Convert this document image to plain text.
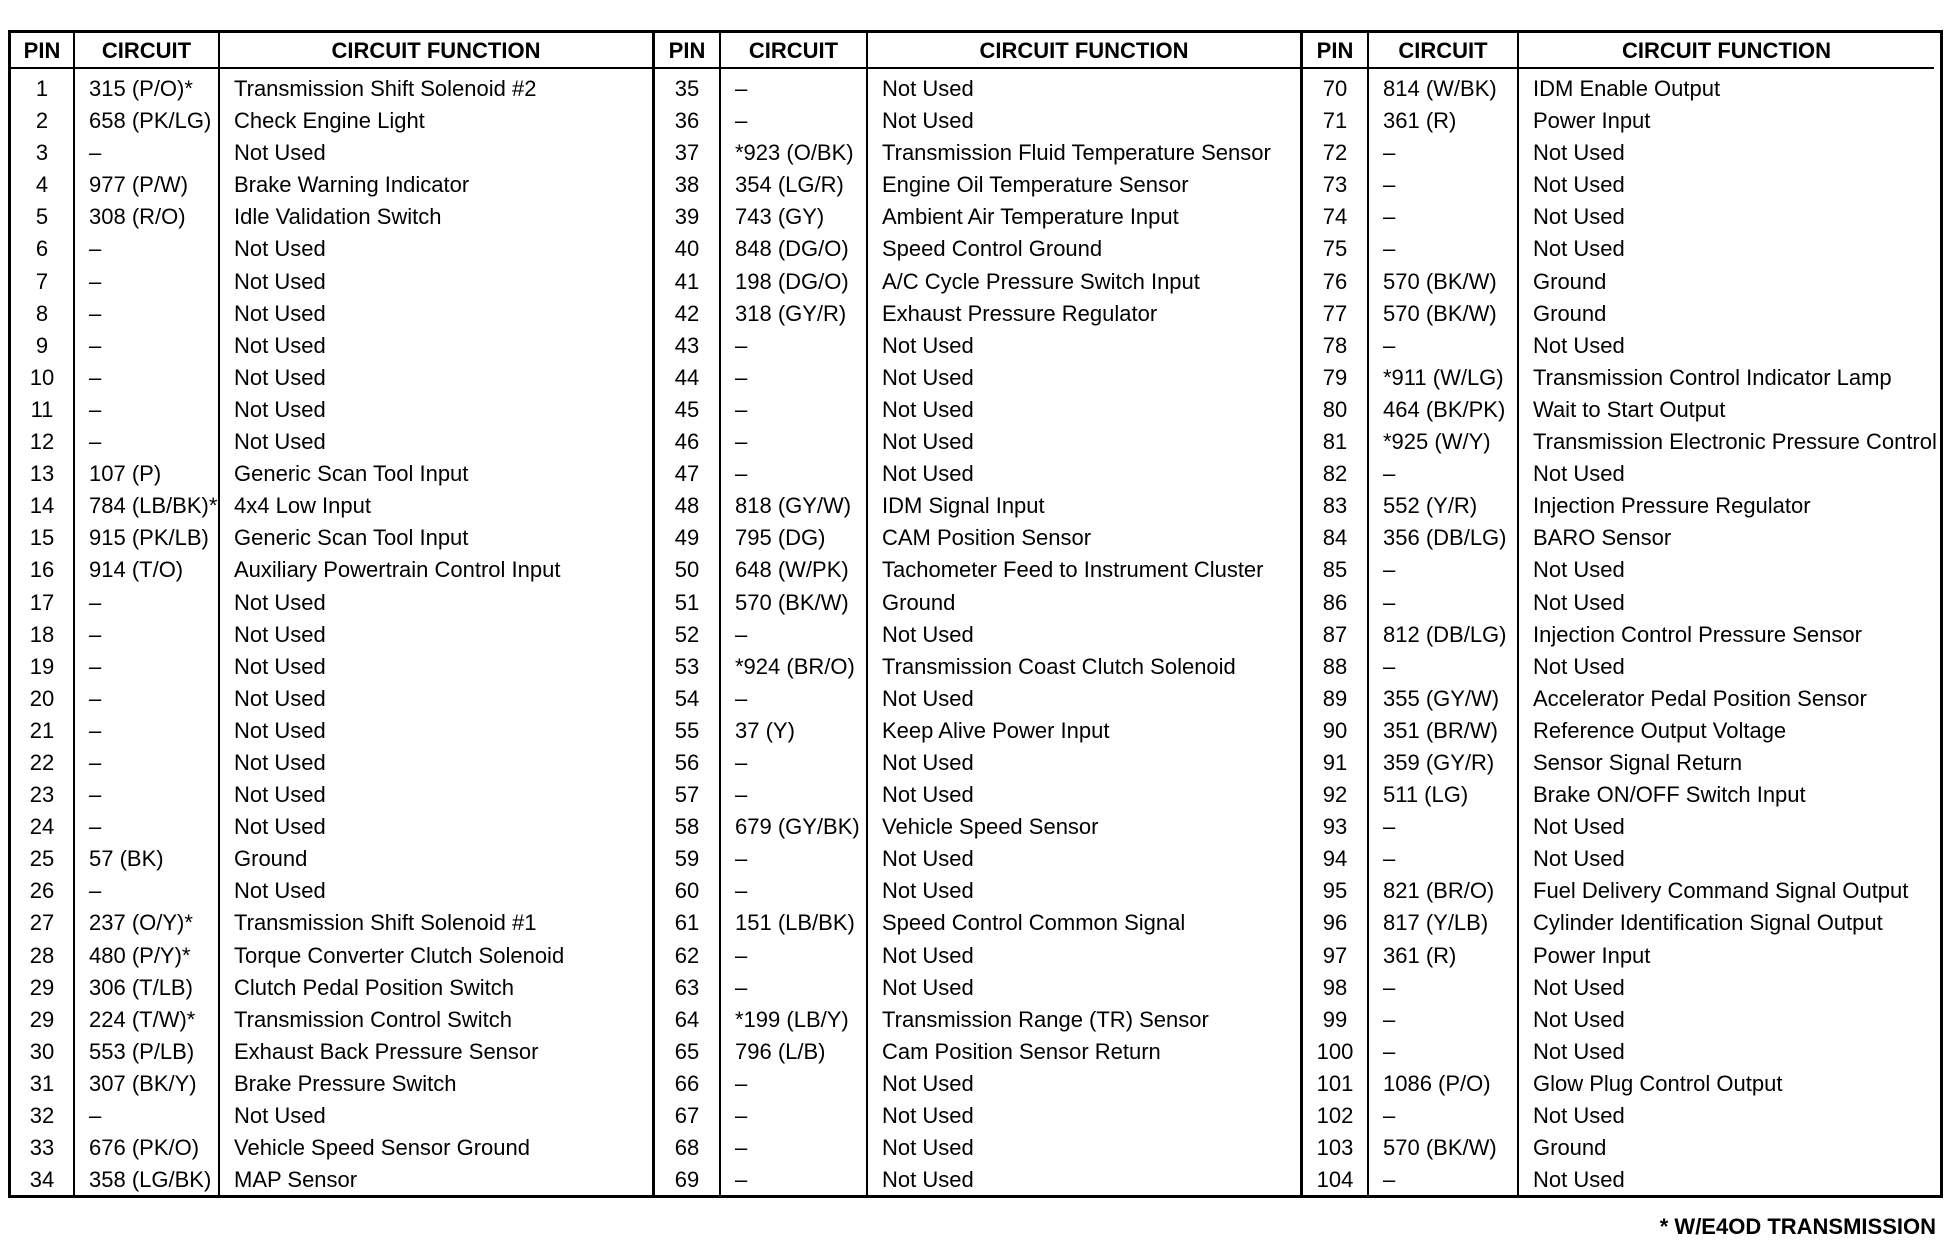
PIN
1
2
3
4
5
6
7
8
9
10
11
12
13
14
15
16
17
18
19
20
21
22
23
24
25
26
27
28
29
29
30
31
32
33
34
CIRCUIT
315 (P/O)*
658 (PK/LG)
–
977 (P/W)
308 (R/O)
–
–
–
–
–
–
–
107 (P)
784 (LB/BK)*
915 (PK/LB)
914 (T/O)
–
–
–
–
–
–
–
–
57 (BK)
–
237 (O/Y)*
480 (P/Y)*
306 (T/LB)
224 (T/W)*
553 (P/LB)
307 (BK/Y)
–
676 (PK/O)
358 (LG/BK)
CIRCUIT FUNCTION
Transmission Shift Solenoid #2
Check Engine Light
Not Used
Brake Warning Indicator
Idle Validation Switch
Not Used
Not Used
Not Used
Not Used
Not Used
Not Used
Not Used
Generic Scan Tool Input
4x4 Low Input
Generic Scan Tool Input
Auxiliary Powertrain Control Input
Not Used
Not Used
Not Used
Not Used
Not Used
Not Used
Not Used
Not Used
Ground
Not Used
Transmission Shift Solenoid #1
Torque Converter Clutch Solenoid
Clutch Pedal Position Switch
Transmission Control Switch
Exhaust Back Pressure Sensor
Brake Pressure Switch
Not Used
Vehicle Speed Sensor Ground
MAP Sensor
PIN
35
36
37
38
39
40
41
42
43
44
45
46
47
48
49
50
51
52
53
54
55
56
57
58
59
60
61
62
63
64
65
66
67
68
69
CIRCUIT
–
–
*923 (O/BK)
354 (LG/R)
743 (GY)
848 (DG/O)
198 (DG/O)
318 (GY/R)
–
–
–
–
–
818 (GY/W)
795 (DG)
648 (W/PK)
570 (BK/W)
–
*924 (BR/O)
–
37 (Y)
–
–
679 (GY/BK)
–
–
151 (LB/BK)
–
–
*199 (LB/Y)
796 (L/B)
–
–
–
–
CIRCUIT FUNCTION
Not Used
Not Used
Transmission Fluid Temperature Sensor
Engine Oil Temperature Sensor
Ambient Air Temperature Input
Speed Control Ground
A/C Cycle Pressure Switch Input
Exhaust Pressure Regulator
Not Used
Not Used
Not Used
Not Used
Not Used
IDM Signal Input
CAM Position Sensor
Tachometer Feed to Instrument Cluster
Ground
Not Used
Transmission Coast Clutch Solenoid
Not Used
Keep Alive Power Input
Not Used
Not Used
Vehicle Speed Sensor
Not Used
Not Used
Speed Control Common Signal
Not Used
Not Used
Transmission Range (TR) Sensor
Cam Position Sensor Return
Not Used
Not Used
Not Used
Not Used
PIN
70
71
72
73
74
75
76
77
78
79
80
81
82
83
84
85
86
87
88
89
90
91
92
93
94
95
96
97
98
99
100
101
102
103
104
CIRCUIT
814 (W/BK)
361 (R)
–
–
–
–
570 (BK/W)
570 (BK/W)
–
*911 (W/LG)
464 (BK/PK)
*925 (W/Y)
–
552 (Y/R)
356 (DB/LG)
–
–
812 (DB/LG)
–
355 (GY/W)
351 (BR/W)
359 (GY/R)
511 (LG)
–
–
821 (BR/O)
817 (Y/LB)
361 (R)
–
–
–
1086 (P/O)
–
570 (BK/W)
–
CIRCUIT FUNCTION
IDM Enable Output
Power Input
Not Used
Not Used
Not Used
Not Used
Ground
Ground
Not Used
Transmission Control Indicator Lamp
Wait to Start Output
Transmission Electronic Pressure Control
Not Used
Injection Pressure Regulator
BARO Sensor
Not Used
Not Used
Injection Control Pressure Sensor
Not Used
Accelerator Pedal Position Sensor
Reference Output Voltage
Sensor Signal Return
Brake ON/OFF Switch Input
Not Used
Not Used
Fuel Delivery Command Signal Output
Cylinder Identification Signal Output
Power Input
Not Used
Not Used
Not Used
Glow Plug Control Output
Not Used
Ground
Not Used
* W/E4OD TRANSMISSION
